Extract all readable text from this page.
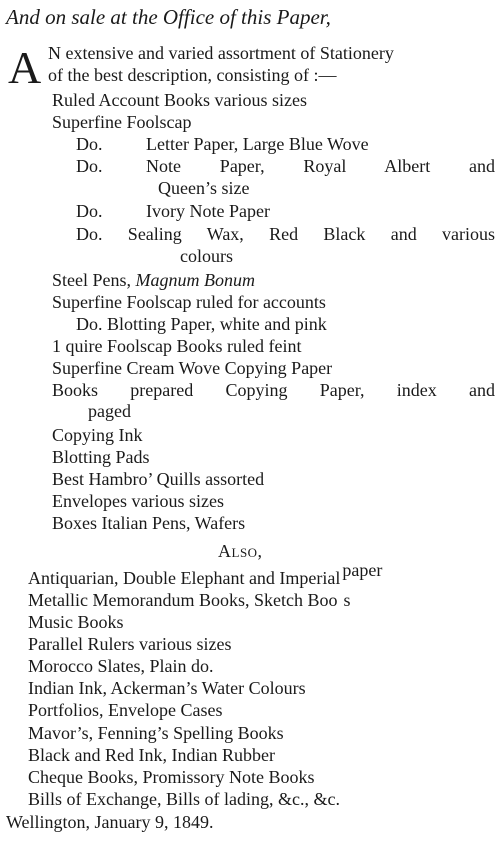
And on sale at the Office of this Paper,
A N extensive and varied assortment of Stationery
of the best description, consisting of :—
Ruled Account Books various sizes
Superfine Foolscap
Do. Letter Paper, Large Blue Wove
Do. Note Paper, Royal Albert and
Queen’s size
Do. Ivory Note Paper
Do. Sealing Wax, Red Black and various
colours
Steel Pens, Magnum Bonum
Superfine Foolscap ruled for accounts
Do. Blotting Paper, white and pink
1 quire Foolscap Books ruled feint
Superfine Cream Wove Copying Paper
Books prepared Copying Paper, index and
paged
Copying Ink
Blotting Pads
Best Hambro’ Quills assorted
Envelopes various sizes
Boxes Italian Pens, Wafers
Also,
Antiquarian, Double Elephant and Imperial paper
Metallic Memorandum Books, Sketch Boo s
Music Books
Parallel Rulers various sizes
Morocco Slates, Plain do.
Indian Ink, Ackerman’s Water Colours
Portfolios, Envelope Cases
Mavor’s, Fenning’s Spelling Books
Black and Red Ink, Indian Rubber
Cheque Books, Promissory Note Books
Bills of Exchange, Bills of lading, &c., &c.
Wellington, January 9, 1849.
